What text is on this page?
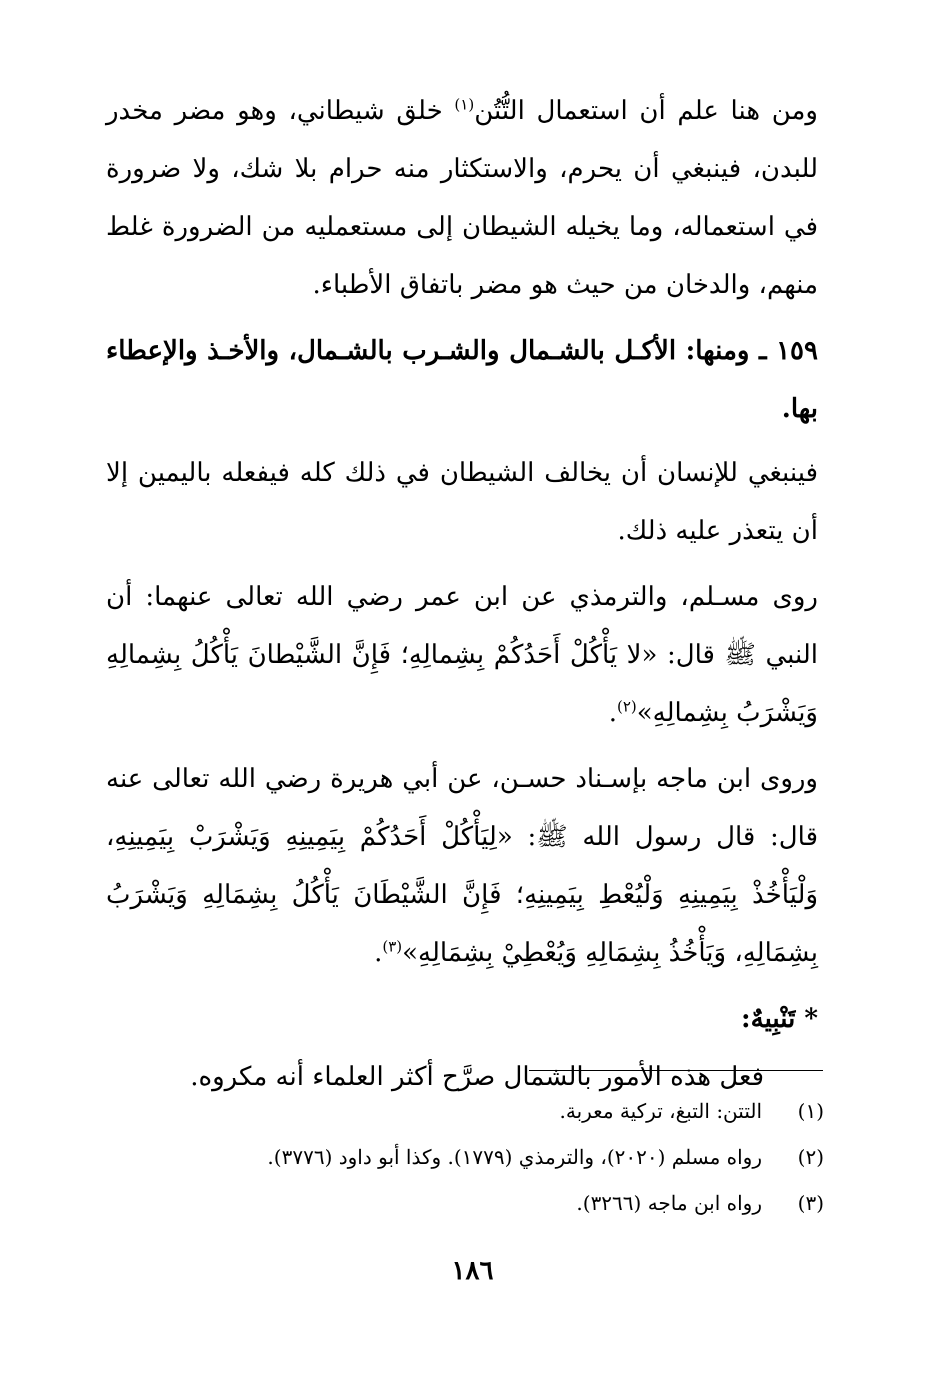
ومن هنا علم أن استعمال التُّتُن$^{(١)}$ خلق شيطاني، وهو مضر مخدر للبدن، فينبغي أن يحرم، والاستكثار منه حرام بلا شك، ولا ضرورة في استعماله، وما يخيله الشيطان إلى مستعمليه من الضرورة غلط منهم، والدخان من حيث هو مضر باتفاق الأطباء.

١٥٩ ـ ومنها: الأكـل بالشـمال والشـرب بالشـمال، والأخـذ والإعطاء بها.

فينبغي للإنسان أن يخالف الشيطان في ذلك كله فيفعله باليمين إلا أن يتعذر عليه ذلك.

روى مسـلم، والترمذي عن ابن عمر رضي الله تعالى عنهما: أن النبي ﷺ قال: «لا يَأْكُلْ أَحَدُكُمْ بِشِمالِهِ؛ فَإِنَّ الشَّيْطانَ يَأْكُلُ بِشِمالِهِ وَيَشْرَبُ بِشِمالِهِ»$^{(٢)}$.

وروى ابن ماجه بإسـناد حسـن، عن أبي هريرة رضي الله تعالى عنه قال: قال رسول الله ﷺ: «لِيَأْكُلْ أَحَدُكُمْ بِيَمِينِهِ وَيَشْرَبْ بِيَمِينِهِ، وَلْيَأْخُذْ بِيَمِينِهِ وَلْيُعْطِ بِيَمِينِهِ؛ فَإِنَّ الشَّيْطَانَ يَأْكُلُ بِشِمَالِهِ وَيَشْرَبُ بِشِمَالِهِ، وَيَأْخُذُ بِشِمَالِهِ وَيُعْطِيْ بِشِمَالِهِ»$^{(٣)}$.

* تَنْبِيهٌ:

فعل هذه الأمور بالشمال صرَّح أكثر العلماء أنه مكروه.

(١)
التتن: التبغ، تركية معربة.
(٢)
رواه مسلم (٢٠٢٠)، والترمذي (١٧٧٩). وكذا أبو داود (٣٧٧٦).
(٣)
رواه ابن ماجه (٣٢٦٦).
١٨٦
